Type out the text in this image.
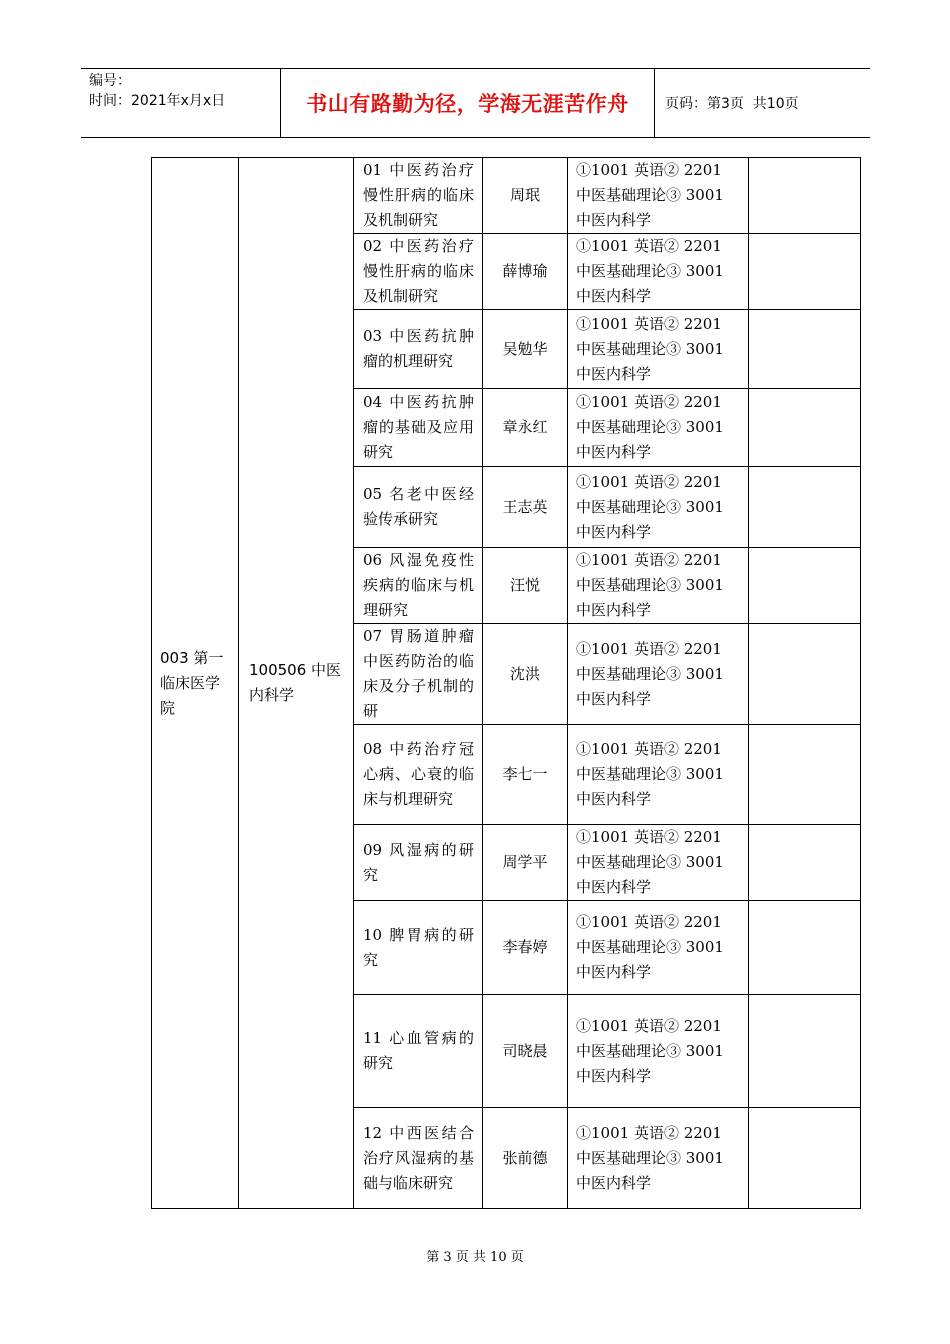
编号：
时间：2021年x月x日	书山有路勤为径，学海无涯苦作舟	页码：第3页  共10页
003 第一临床医学院	100506 中医内科学	01 中医药治疗慢性肝病的临床及机制研究	周珉	①1001 英语② 2201 中医基础理论③ 3001 中医内科学	
		02 中医药治疗慢性肝病的临床及机制研究	薛博瑜	①1001 英语② 2201 中医基础理论③ 3001 中医内科学	
		03 中医药抗肿瘤的机理研究	吴勉华	①1001 英语② 2201 中医基础理论③ 3001 中医内科学	
		04 中医药抗肿瘤的基础及应用研究	章永红	①1001 英语② 2201 中医基础理论③ 3001 中医内科学	
		05 名老中医经验传承研究	王志英	①1001 英语② 2201 中医基础理论③ 3001 中医内科学	
		06 风湿免疫性疾病的临床与机理研究	汪悦	①1001 英语② 2201 中医基础理论③ 3001 中医内科学	
		07 胃肠道肿瘤中医药防治的临床及分子机制的研	沈洪	①1001 英语② 2201 中医基础理论③ 3001 中医内科学	
		08 中药治疗冠心病、心衰的临床与机理研究	李七一	①1001 英语② 2201 中医基础理论③ 3001 中医内科学	
		09 风湿病的研究	周学平	①1001 英语② 2201 中医基础理论③ 3001 中医内科学	
		10 脾胃病的研究	李春婷	①1001 英语② 2201 中医基础理论③ 3001 中医内科学	
		11 心血管病的研究	司晓晨	①1001 英语② 2201 中医基础理论③ 3001 中医内科学	
		12 中西医结合治疗风湿病的基础与临床研究	张前德	①1001 英语② 2201 中医基础理论③ 3001 中医内科学	
第 3 页 共 10 页
